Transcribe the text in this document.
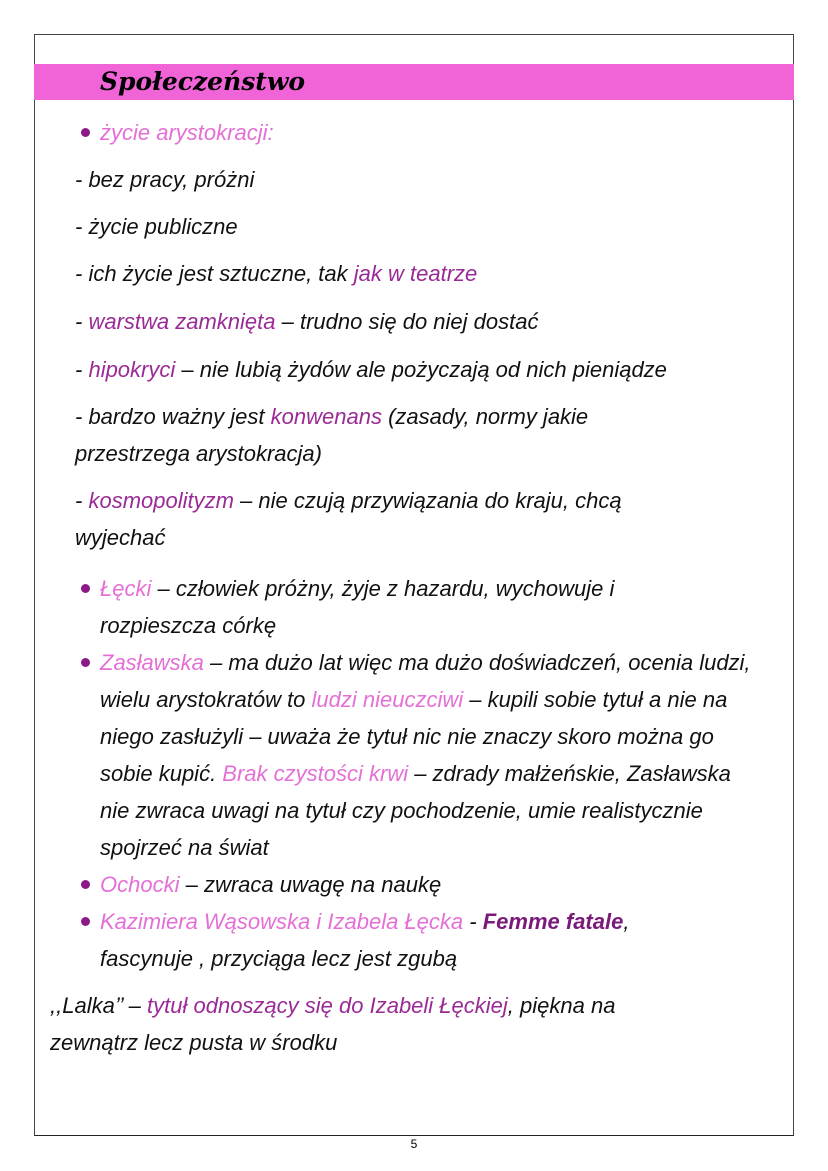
Społeczeństwo
życie arystokracji:
- bez pracy, próżni
- życie publiczne
- ich życie jest sztuczne, tak jak w teatrze
- warstwa zamknięta – trudno się do niej dostać
- hipokryci – nie lubią żydów ale pożyczają od nich pieniądze
- bardzo ważny jest konwenans (zasady, normy jakie przestrzega arystokracja)
- kosmopolityzm – nie czują przywiązania do kraju, chcą wyjechać
Łęcki – człowiek próżny, żyje z hazardu, wychowuje i rozpieszcza córkę
Zasławska – ma dużo lat więc ma dużo doświadczeń, ocenia ludzi, wielu arystokratów to ludzi nieuczciwi – kupili sobie tytuł a nie na niego zasłużyli – uważa że tytuł nic nie znaczy skoro można go sobie kupić. Brak czystości krwi – zdrady małżeńskie, Zasławska nie zwraca uwagi na tytuł czy pochodzenie, umie realistycznie spojrzeć na świat
Ochocki – zwraca uwagę na naukę
Kazimiera Wąsowska i Izabela Łęcka - Femme fatale, fascynuje , przyciąga lecz jest zgubą
,,Lalka’’ – tytuł odnoszący się do Izabeli Łęckiej, piękna na zewnątrz lecz pusta w środku
5
